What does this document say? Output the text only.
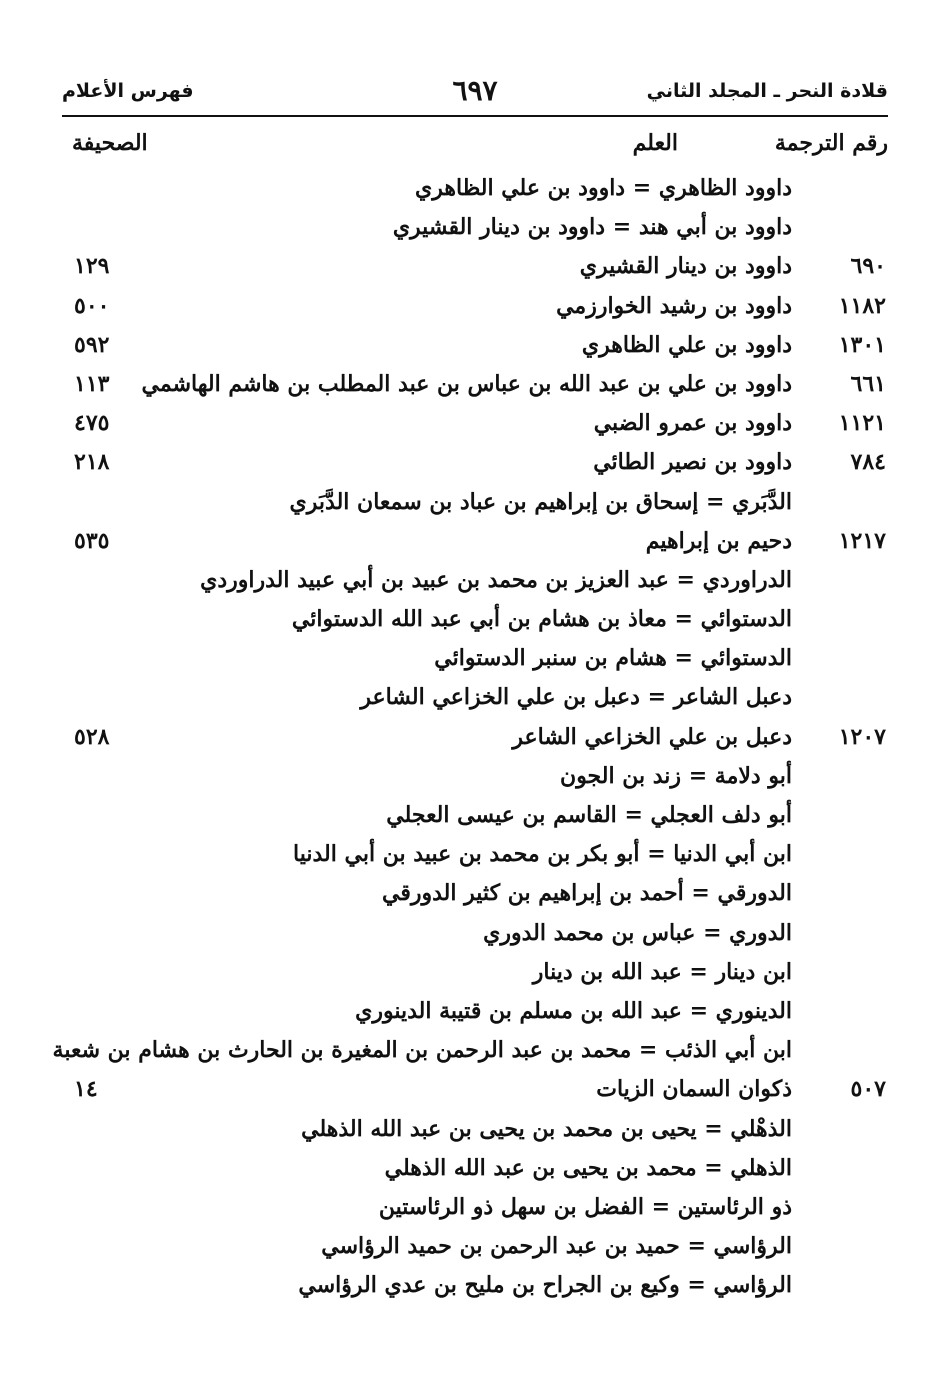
قلادة النحر ـ المجلد الثاني
٦٩٧
فهرس الأعلام
رقم الترجمة
العلم
الصحيفة
داوود الظاهري = داوود بن علي الظاهري
داوود بن أبي هند = داوود بن دينار القشيري
٦٩٠
داوود بن دينار القشيري
١٢٩
١١٨٢
داوود بن رشيد الخوارزمي
٥٠٠
١٣٠١
داوود بن علي الظاهري
٥٩٢
٦٦١
داوود بن علي بن عبد الله بن عباس بن عبد المطلب بن هاشم الهاشمي
١١٣
١١٢١
داوود بن عمرو الضبي
٤٧٥
٧٨٤
داوود بن نصير الطائي
٢١٨
الدَّبَري = إسحاق بن إبراهيم بن عباد بن سمعان الدَّبَري
١٢١٧
دحيم بن إبراهيم
٥٣٥
الدراوردي = عبد العزيز بن محمد بن عبيد بن أبي عبيد الدراوردي
الدستوائي = معاذ بن هشام بن أبي عبد الله الدستوائي
الدستوائي = هشام بن سنبر الدستوائي
دعبل الشاعر = دعبل بن علي الخزاعي الشاعر
١٢٠٧
دعبل بن علي الخزاعي الشاعر
٥٢٨
أبو دلامة = زند بن الجون
أبو دلف العجلي = القاسم بن عيسى العجلي
ابن أبي الدنيا = أبو بكر بن محمد بن عبيد بن أبي الدنيا
الدورقي = أحمد بن إبراهيم بن كثير الدورقي
الدوري = عباس بن محمد الدوري
ابن دينار = عبد الله بن دينار
الدينوري = عبد الله بن مسلم بن قتيبة الدينوري
ابن أبي الذئب = محمد بن عبد الرحمن بن المغيرة بن الحارث بن هشام بن شعبة
٥٠٧
ذكوان السمان الزيات
١٤
الذهْلي = يحيى بن محمد بن يحيى بن عبد الله الذهلي
الذهلي = محمد بن يحيى بن عبد الله الذهلي
ذو الرئاستين = الفضل بن سهل ذو الرئاستين
الرؤاسي = حميد بن عبد الرحمن بن حميد الرؤاسي
الرؤاسي = وكيع بن الجراح بن مليح بن عدي الرؤاسي
